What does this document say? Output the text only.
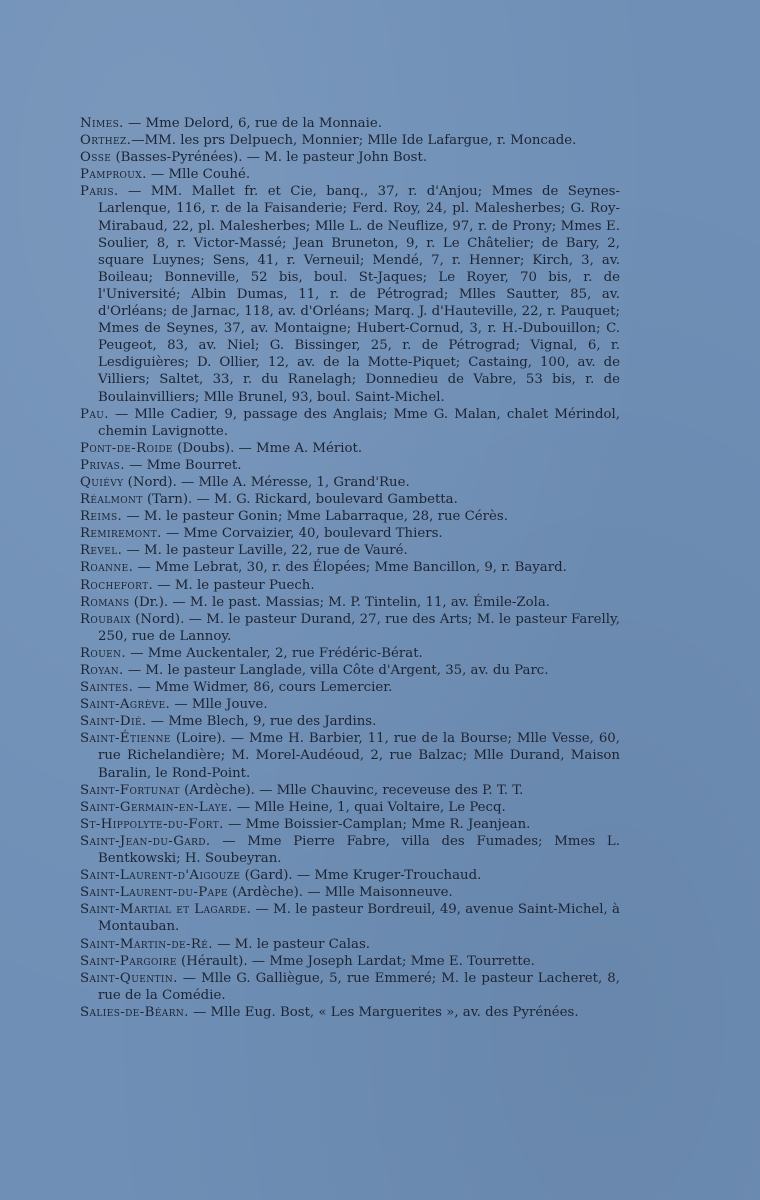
Nimes. — Mme Delord, 6, rue de la Monnaie.
Orthez.—MM. les prs Delpuech, Monnier; Mlle Ide Lafargue, r. Moncade.
Osse (Basses-Pyrénées). — M. le pasteur John Bost.
Pamproux. — Mlle Couhé.
Paris. — MM. Mallet fr. et Cie, banq., 37, r. d'Anjou; Mmes de Seynes-Larlenque, 116, r. de la Faisanderie; Ferd. Roy, 24, pl. Malesherbes; G. Roy-Mirabaud, 22, pl. Malesherbes; Mlle L. de Neuflize, 97, r. de Prony; Mmes E. Soulier, 8, r. Victor-Massé; Jean Bruneton, 9, r. Le Châtelier; de Bary, 2, square Luynes; Sens, 41, r. Verneuil; Mendé, 7, r. Henner; Kirch, 3, av. Boileau; Bonneville, 52 bis, boul. St-Jaques; Le Royer, 70 bis, r. de l'Université; Albin Dumas, 11, r. de Pétrograd; Mlles Sautter, 85, av. d'Orléans; de Jarnac, 118, av. d'Orléans; Marq. J. d'Hauteville, 22, r. Pauquet; Mmes de Seynes, 37, av. Montaigne; Hubert-Cornud, 3, r. H.-Dubouillon; C. Peugeot, 83, av. Niel; G. Bissinger, 25, r. de Pétrograd; Vignal, 6, r. Lesdiguières; D. Ollier, 12, av. de la Motte-Piquet; Castaing, 100, av. de Villiers; Saltet, 33, r. du Ranelagh; Donnedieu de Vabre, 53 bis, r. de Boulainvilliers; Mlle Brunel, 93, boul. Saint-Michel.
Pau. — Mlle Cadier, 9, passage des Anglais; Mme G. Malan, chalet Mérindol, chemin Lavignotte.
Pont-de-Roide (Doubs). — Mme A. Mériot.
Privas. — Mme Bourret.
Quiévy (Nord). — Mlle A. Méresse, 1, Grand'Rue.
Réalmont (Tarn). — M. G. Rickard, boulevard Gambetta.
Reims. — M. le pasteur Gonin; Mme Labarraque, 28, rue Cérès.
Remiremont. — Mme Corvaizier, 40, boulevard Thiers.
Revel. — M. le pasteur Laville, 22, rue de Vauré.
Roanne. — Mme Lebrat, 30, r. des Élopées; Mme Bancillon, 9, r. Bayard.
Rochefort. — M. le pasteur Puech.
Romans (Dr.). — M. le past. Massias; M. P. Tintelin, 11, av. Émile-Zola.
Roubaix (Nord). — M. le pasteur Durand, 27, rue des Arts; M. le pasteur Farelly, 250, rue de Lannoy.
Rouen. — Mme Auckentaler, 2, rue Frédéric-Bérat.
Royan. — M. le pasteur Langlade, villa Côte d'Argent, 35, av. du Parc.
Saintes. — Mme Widmer, 86, cours Lemercier.
Saint-Agrève. — Mlle Jouve.
Saint-Dié. — Mme Blech, 9, rue des Jardins.
Saint-Étienne (Loire). — Mme H. Barbier, 11, rue de la Bourse; Mlle Vesse, 60, rue Richelandière; M. Morel-Audéoud, 2, rue Balzac; Mlle Durand, Maison Baralin, le Rond-Point.
Saint-Fortunat (Ardèche). — Mlle Chauvinc, receveuse des P. T. T.
Saint-Germain-en-Laye. — Mlle Heine, 1, quai Voltaire, Le Pecq.
St-Hippolyte-du-Fort. — Mme Boissier-Camplan; Mme R. Jeanjean.
Saint-Jean-du-Gard. — Mme Pierre Fabre, villa des Fumades; Mmes L. Bentkowski; H. Soubeyran.
Saint-Laurent-d'Aigouze (Gard). — Mme Kruger-Trouchaud.
Saint-Laurent-du-Pape (Ardèche). — Mlle Maisonneuve.
Saint-Martial et Lagarde. — M. le pasteur Bordreuil, 49, avenue Saint-Michel, à Montauban.
Saint-Martin-de-Ré. — M. le pasteur Calas.
Saint-Pargoire (Hérault). — Mme Joseph Lardat; Mme E. Tourrette.
Saint-Quentin. — Mlle G. Galliègue, 5, rue Emmeré; M. le pasteur Lacheret, 8, rue de la Comédie.
Salies-de-Béarn. — Mlle Eug. Bost, « Les Marguerites », av. des Pyrénées.
